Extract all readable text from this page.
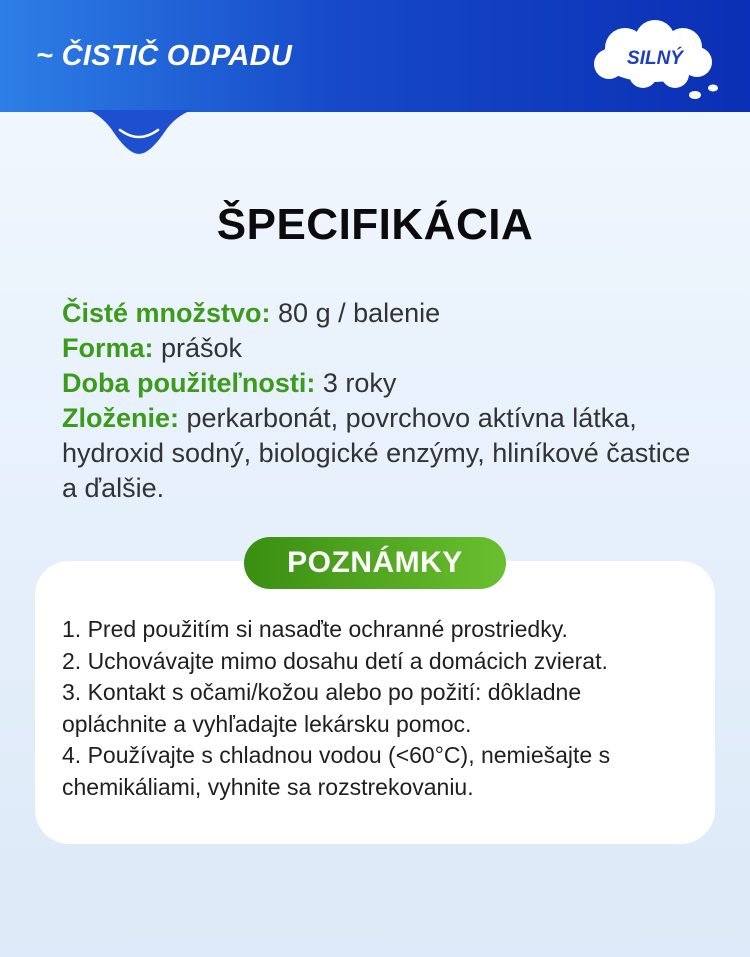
~ ČISTIČ ODPADU	SILNÝ
ŠPECIFIKÁCIA
Čisté množstvo: 80 g / balenie
Forma: prášok
Doba použiteľnosti: 3 roky
Zloženie: perkarbonát, povrchovo aktívna látka, hydroxid sodný, biologické enzýmy, hliníkové častice a ďalšie.
POZNÁMKY
1. Pred použitím si nasaďte ochranné prostriedky.
2. Uchovávajte mimo dosahu detí a domácich zvierat.
3. Kontakt s očami/kožou alebo po požití: dôkladne opláchnite a vyhľadajte lekársku pomoc.
4. Používajte s chladnou vodou (<60°C), nemiešajte s chemikáliami, vyhnite sa rozstrekovaniu.
